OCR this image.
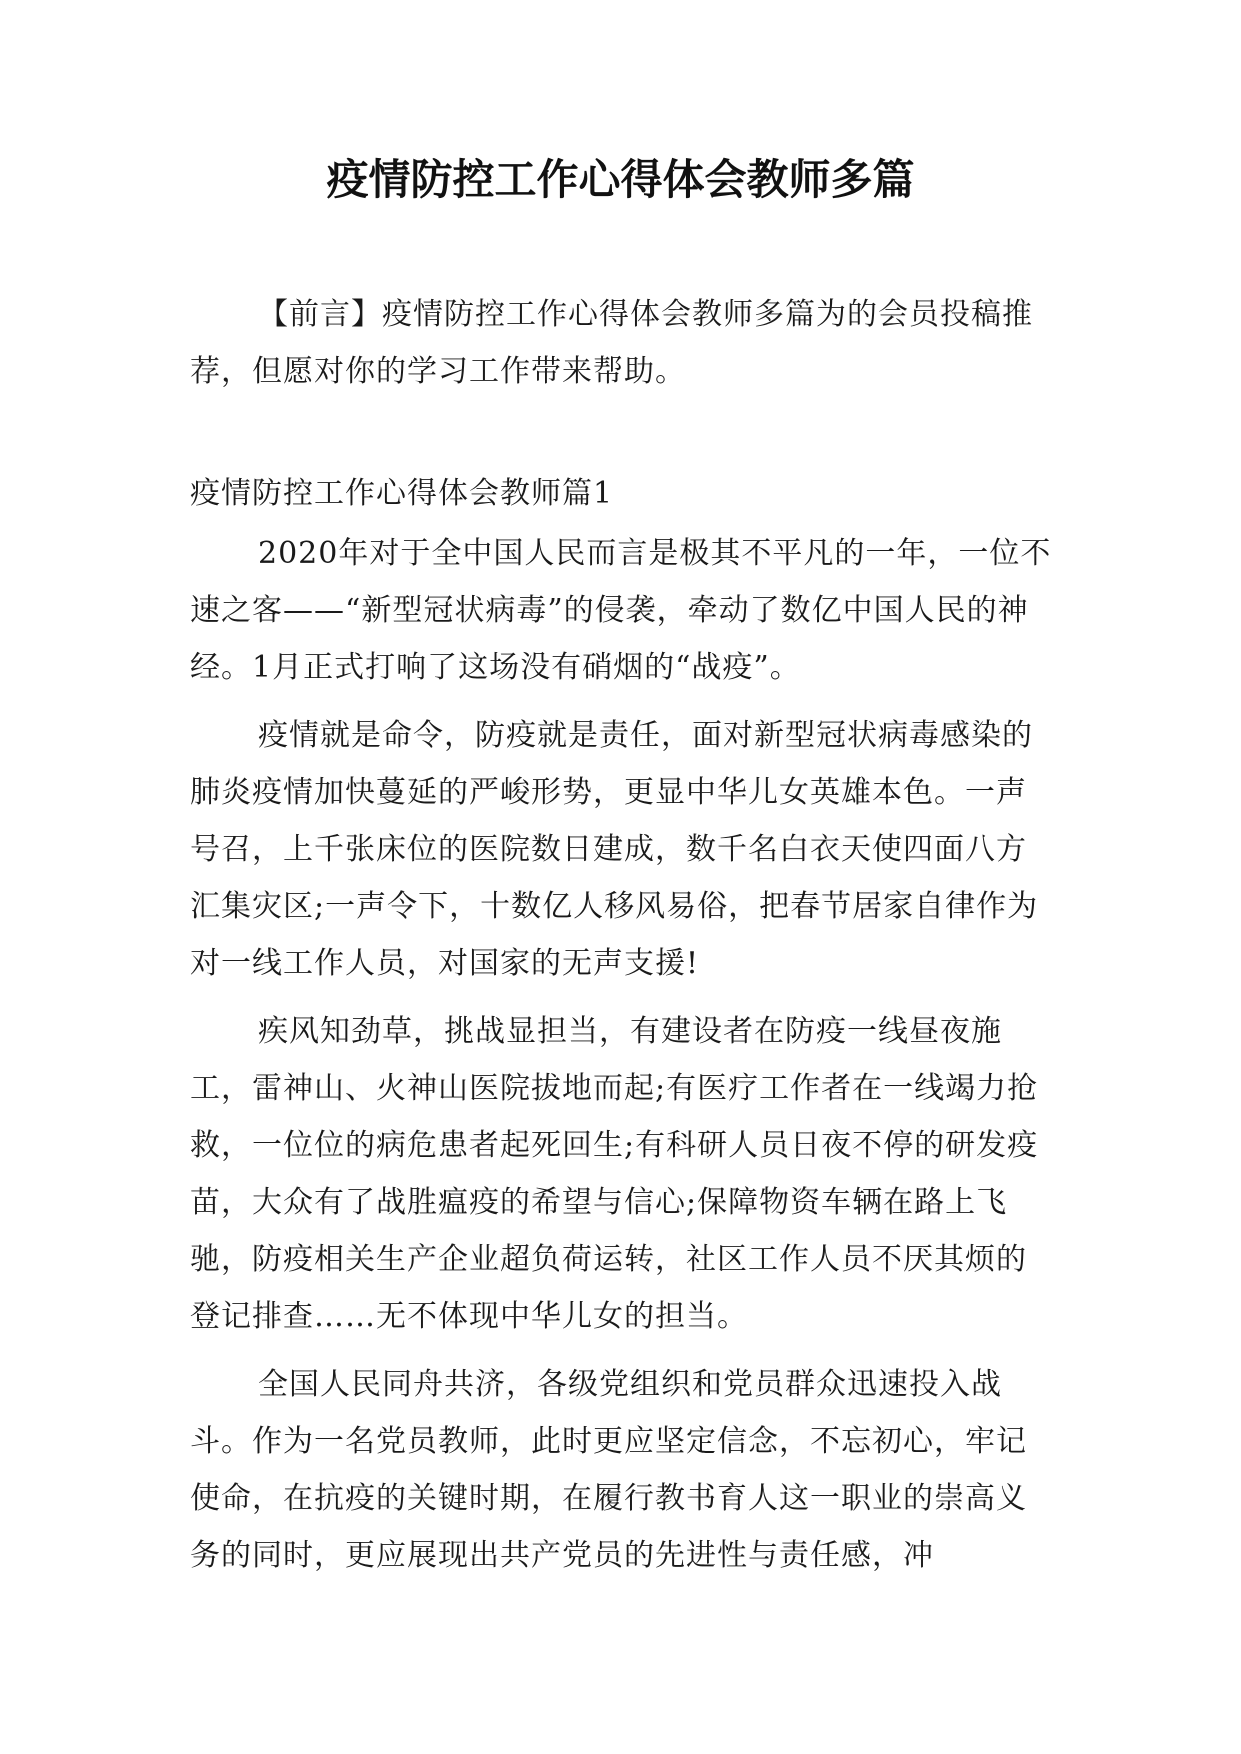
疫情防控工作心得体会教师多篇

【前言】疫情防控工作心得体会教师多篇为的会员投稿推荐，但愿对你的学习工作带来帮助。

疫情防控工作心得体会教师篇1

2020年对于全中国人民而言是极其不平凡的一年，一位不速之客——“新型冠状病毒”的侵袭，牵动了数亿中国人民的神经。1月正式打响了这场没有硝烟的“战疫”。

疫情就是命令，防疫就是责任，面对新型冠状病毒感染的肺炎疫情加快蔓延的严峻形势，更显中华儿女英雄本色。一声号召，上千张床位的医院数日建成，数千名白衣天使四面八方汇集灾区;一声令下，十数亿人移风易俗，把春节居家自律作为对一线工作人员，对国家的无声支援!

疾风知劲草，挑战显担当，有建设者在防疫一线昼夜施工，雷神山、火神山医院拔地而起;有医疗工作者在一线竭力抢救，一位位的病危患者起死回生;有科研人员日夜不停的研发疫苗，大众有了战胜瘟疫的希望与信心;保障物资车辆在路上飞驰，防疫相关生产企业超负荷运转，社区工作人员不厌其烦的登记排查……无不体现中华儿女的担当。

全国人民同舟共济，各级党组织和党员群众迅速投入战斗。作为一名党员教师，此时更应坚定信念，不忘初心，牢记使命，在抗疫的关键时期，在履行教书育人这一职业的崇高义务的同时，更应展现出共产党员的先进性与责任感，冲
